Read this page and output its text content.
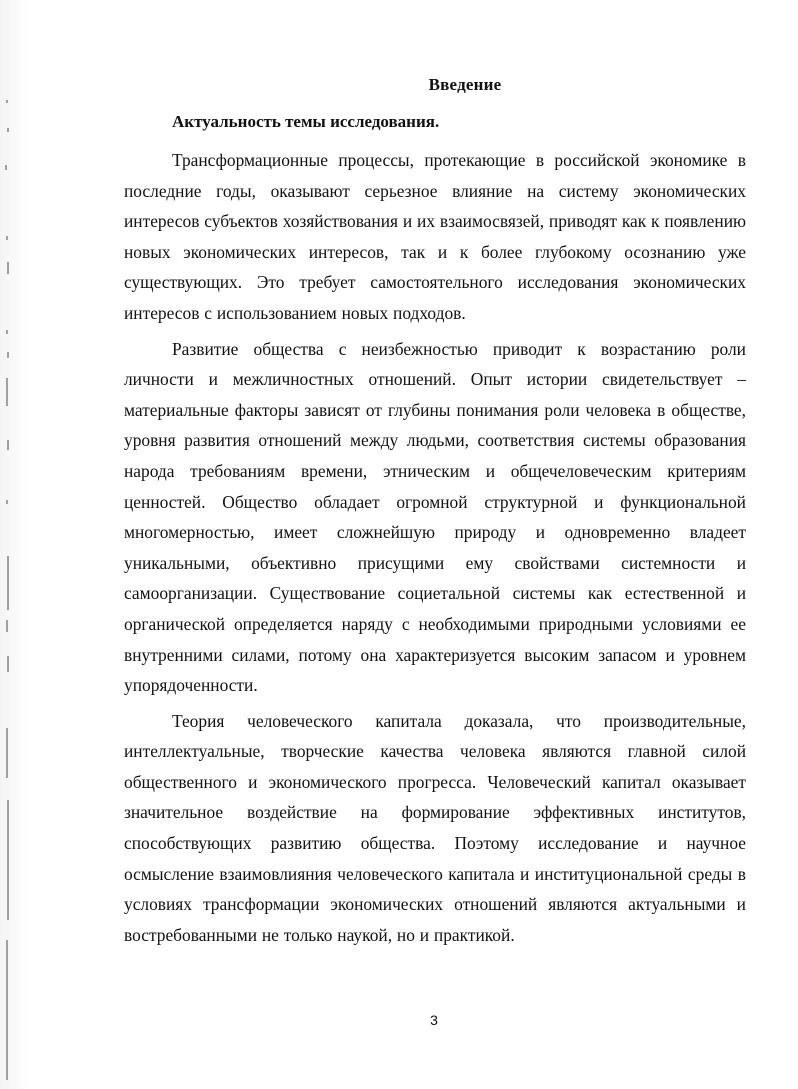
Введение
Актуальность темы исследования.

Трансформационные процессы, протекающие в российской экономике в последние годы, оказывают серьезное влияние на систему экономических интересов субъектов хозяйствования и их взаимосвязей, приводят как к появлению новых экономических интересов, так и к более глубокому осознанию уже существующих. Это требует самостоятельного исследования экономических интересов с использованием новых подходов.

Развитие общества с неизбежностью приводит к возрастанию роли личности и межличностных отношений. Опыт истории свидетельствует – материальные факторы зависят от глубины понимания роли человека в обществе, уровня развития отношений между людьми, соответствия системы образования народа требованиям времени, этническим и общечеловеческим критериям ценностей. Общество обладает огромной структурной и функциональной многомерностью, имеет сложнейшую природу и одновременно владеет уникальными, объективно присущими ему свойствами системности и самоорганизации. Существование социетальной системы как естественной и органической определяется наряду с необходимыми природными условиями ее внутренними силами, потому она характеризуется высоким запасом и уровнем упорядоченности.

Теория человеческого капитала доказала, что производительные, интеллектуальные, творческие качества человека являются главной силой общественного и экономического прогресса. Человеческий капитал оказывает значительное воздействие на формирование эффективных институтов, способствующих развитию общества. Поэтому исследование и научное осмысление взаимовлияния человеческого капитала и институциональной среды в условиях трансформации экономических отношений являются актуальными и востребованными не только наукой, но и практикой.

3
